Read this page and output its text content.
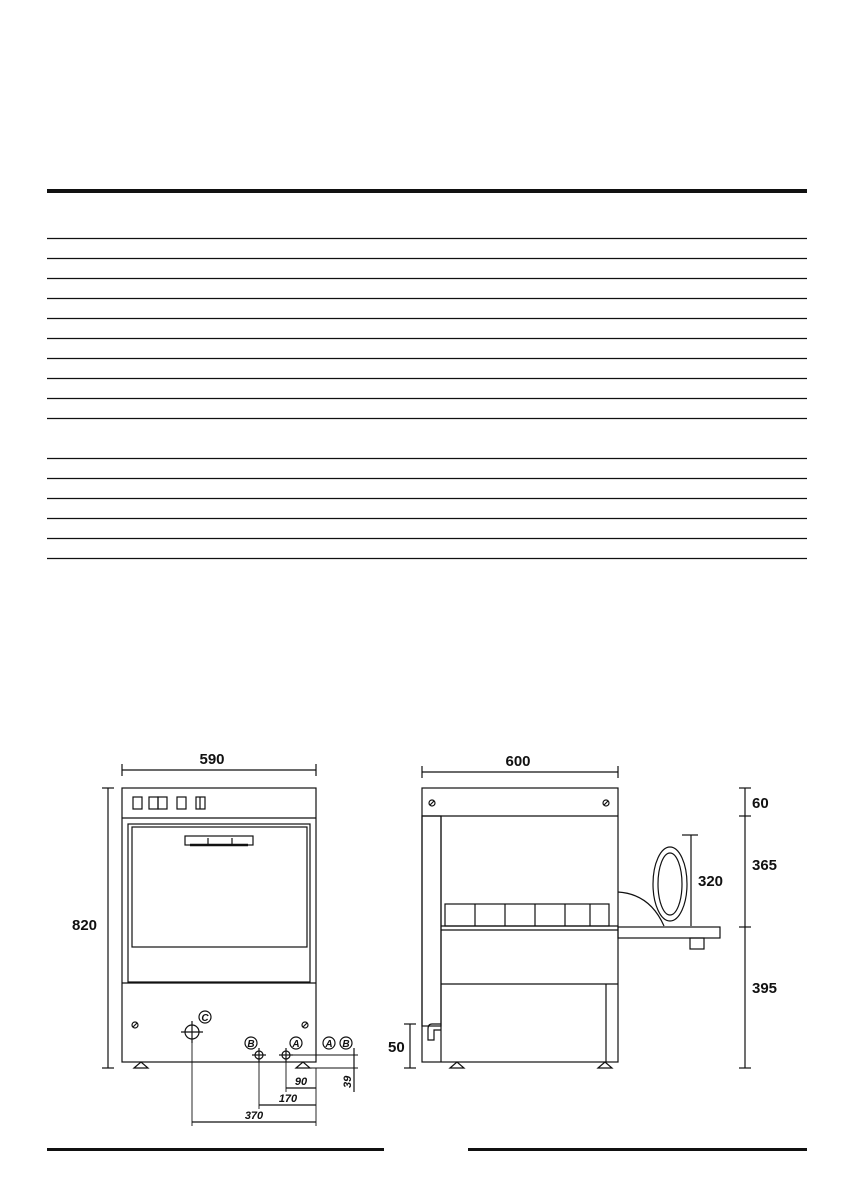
590
820
C
B	A	A B
39
90
170
370
600
320
50
60
365
395
